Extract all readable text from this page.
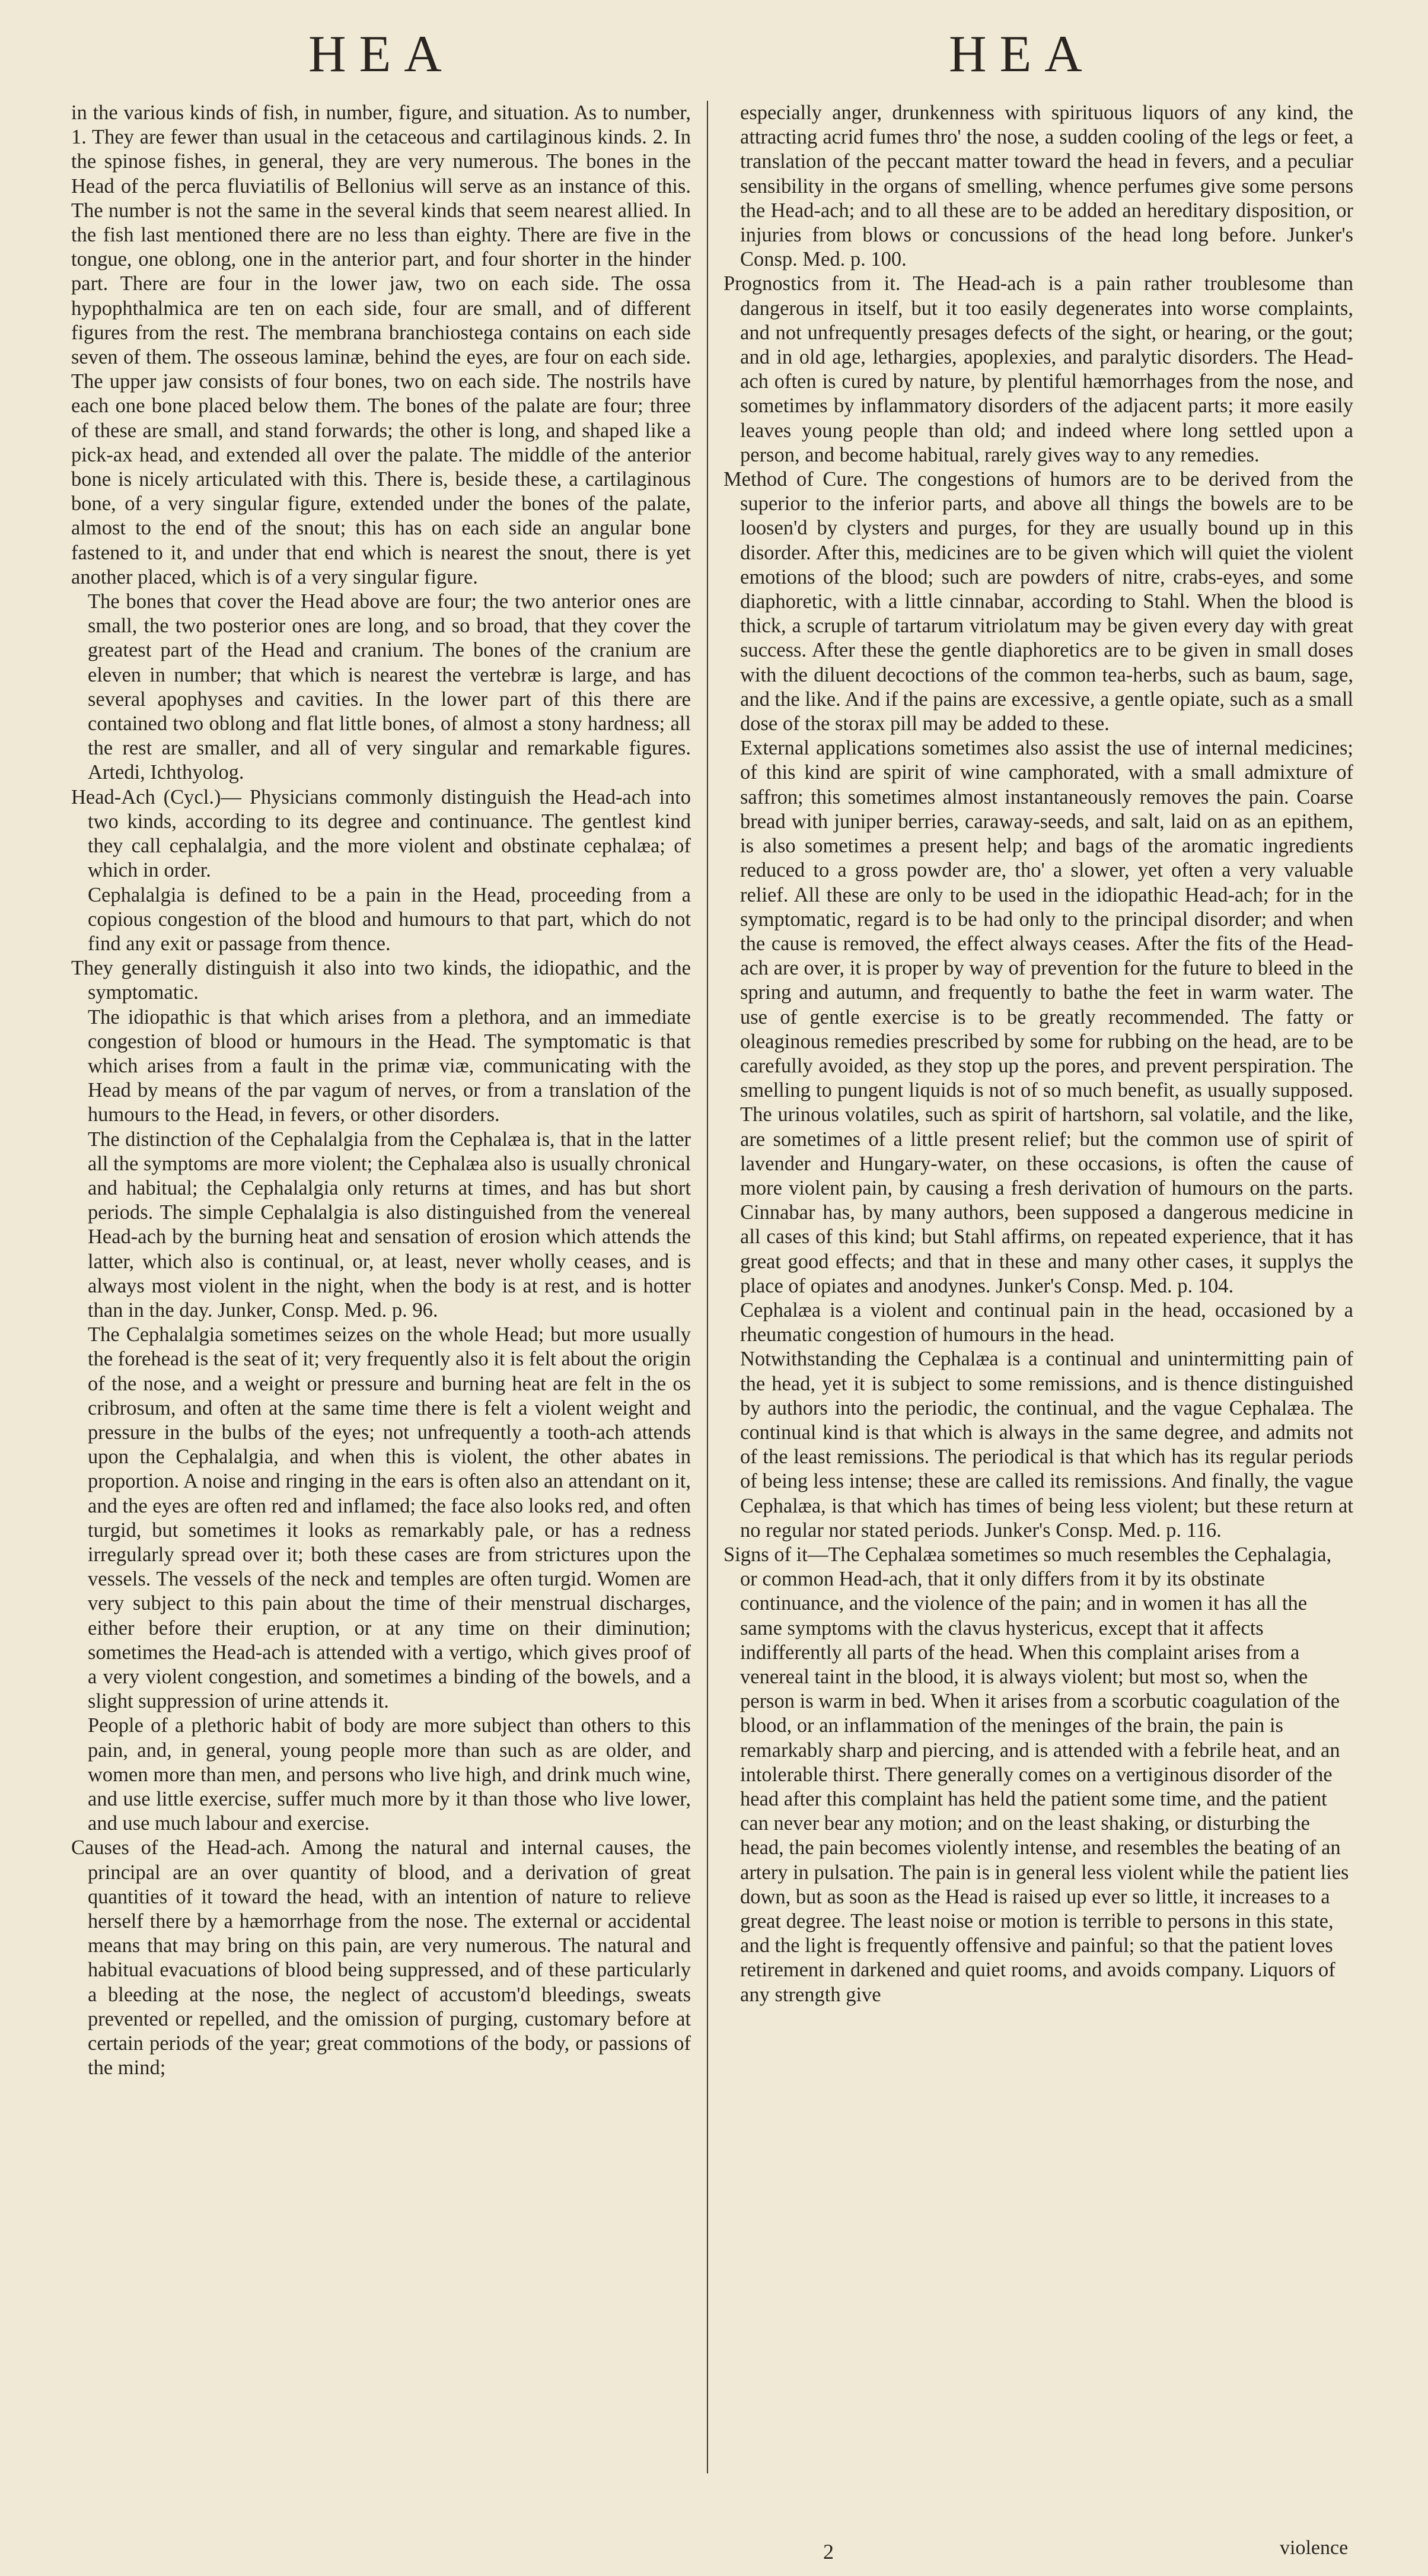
HEA	HEA

in the various kinds of fish, in number, figure, and situation. As to number, 1. They are fewer than usual in the cetaceous and cartilaginous kinds. 2. In the spinose fishes, in general, they are very numerous. The bones in the Head of the perca fluviatilis of Bellonius will serve as an instance of this. The number is not the same in the several kinds that seem nearest allied. In the fish last mentioned there are no less than eighty. There are five in the tongue, one oblong, one in the anterior part, and four shorter in the hinder part. There are four in the lower jaw, two on each side. The ossa hypophthalmica are ten on each side, four are small, and of different figures from the rest. The membrana branchiostega contains on each side seven of them. The osseous laminæ, behind the eyes, are four on each side. The upper jaw consists of four bones, two on each side. The nostrils have each one bone placed below them. The bones of the palate are four; three of these are small, and stand forwards; the other is long, and shaped like a pick-ax head, and extended all over the palate. The middle of the anterior bone is nicely articulated with this. There is, beside these, a cartilaginous bone, of a very singular figure, extended under the bones of the palate, almost to the end of the snout; this has on each side an angular bone fastened to it, and under that end which is nearest the snout, there is yet another placed, which is of a very singular figure.

The bones that cover the Head above are four; the two anterior ones are small, the two posterior ones are long, and so broad, that they cover the greatest part of the Head and cranium. The bones of the cranium are eleven in number; that which is nearest the vertebræ is large, and has several apophyses and cavities. In the lower part of this there are contained two oblong and flat little bones, of almost a stony hardness; all the rest are smaller, and all of very singular and remarkable figures. Artedi, Ichthyolog.

Head-Ach (Cycl.)— Physicians commonly distinguish the Head-ach into two kinds, according to its degree and continuance. The gentlest kind they call cephalalgia, and the more violent and obstinate cephalæa; of which in order.

Cephalalgia is defined to be a pain in the Head, proceeding from a copious congestion of the blood and humours to that part, which do not find any exit or passage from thence.

They generally distinguish it also into two kinds, the idiopathic, and the symptomatic.

The idiopathic is that which arises from a plethora, and an immediate congestion of blood or humours in the Head. The symptomatic is that which arises from a fault in the primæ viæ, communicating with the Head by means of the par vagum of nerves, or from a translation of the humours to the Head, in fevers, or other disorders.

The distinction of the Cephalalgia from the Cephalæa is, that in the latter all the symptoms are more violent; the Cephalæa also is usually chronical and habitual; the Cephalalgia only returns at times, and has but short periods. The simple Cephalalgia is also distinguished from the venereal Head-ach by the burning heat and sensation of erosion which attends the latter, which also is continual, or, at least, never wholly ceases, and is always most violent in the night, when the body is at rest, and is hotter than in the day. Junker, Consp. Med. p. 96.

The Cephalalgia sometimes seizes on the whole Head; but more usually the forehead is the seat of it; very frequently also it is felt about the origin of the nose, and a weight or pressure and burning heat are felt in the os cribrosum, and often at the same time there is felt a violent weight and pressure in the bulbs of the eyes; not unfrequently a tooth-ach attends upon the Cephalalgia, and when this is violent, the other abates in proportion. A noise and ringing in the ears is often also an attendant on it, and the eyes are often red and inflamed; the face also looks red, and often turgid, but sometimes it looks as remarkably pale, or has a redness irregularly spread over it; both these cases are from strictures upon the vessels. The vessels of the neck and temples are often turgid. Women are very subject to this pain about the time of their menstrual discharges, either before their eruption, or at any time on their diminution; sometimes the Head-ach is attended with a vertigo, which gives proof of a very violent congestion, and sometimes a binding of the bowels, and a slight suppression of urine attends it.

People of a plethoric habit of body are more subject than others to this pain, and, in general, young people more than such as are older, and women more than men, and persons who live high, and drink much wine, and use little exercise, suffer much more by it than those who live lower, and use much labour and exercise.

Causes of the Head-ach. Among the natural and internal causes, the principal are an over quantity of blood, and a derivation of great quantities of it toward the head, with an intention of nature to relieve herself there by a hæmorrhage from the nose. The external or accidental means that may bring on this pain, are very numerous. The natural and habitual evacuations of blood being suppressed, and of these particularly a bleeding at the nose, the neglect of accustom'd bleedings, sweats prevented or repelled, and the omission of purging, customary before at certain periods of the year; great commotions of the body, or passions of the mind;

especially anger, drunkenness with spirituous liquors of any kind, the attracting acrid fumes thro' the nose, a sudden cooling of the legs or feet, a translation of the peccant matter toward the head in fevers, and a peculiar sensibility in the organs of smelling, whence perfumes give some persons the Head-ach; and to all these are to be added an hereditary disposition, or injuries from blows or concussions of the head long before. Junker's Consp. Med. p. 100.

Prognostics from it. The Head-ach is a pain rather troublesome than dangerous in itself, but it too easily degenerates into worse complaints, and not unfrequently presages defects of the sight, or hearing, or the gout; and in old age, lethargies, apoplexies, and paralytic disorders. The Head-ach often is cured by nature, by plentiful hæmorrhages from the nose, and sometimes by inflammatory disorders of the adjacent parts; it more easily leaves young people than old; and indeed where long settled upon a person, and become habitual, rarely gives way to any remedies.

Method of Cure. The congestions of humors are to be derived from the superior to the inferior parts, and above all things the bowels are to be loosen'd by clysters and purges, for they are usually bound up in this disorder. After this, medicines are to be given which will quiet the violent emotions of the blood; such are powders of nitre, crabs-eyes, and some diaphoretic, with a little cinnabar, according to Stahl. When the blood is thick, a scruple of tartarum vitriolatum may be given every day with great success. After these the gentle diaphoretics are to be given in small doses with the diluent decoctions of the common tea-herbs, such as baum, sage, and the like. And if the pains are excessive, a gentle opiate, such as a small dose of the storax pill may be added to these.

External applications sometimes also assist the use of internal medicines; of this kind are spirit of wine camphorated, with a small admixture of saffron; this sometimes almost instantaneously removes the pain. Coarse bread with juniper berries, caraway-seeds, and salt, laid on as an epithem, is also sometimes a present help; and bags of the aromatic ingredients reduced to a gross powder are, tho' a slower, yet often a very valuable relief. All these are only to be used in the idiopathic Head-ach; for in the symptomatic, regard is to be had only to the principal disorder; and when the cause is removed, the effect always ceases. After the fits of the Head-ach are over, it is proper by way of prevention for the future to bleed in the spring and autumn, and frequently to bathe the feet in warm water. The use of gentle exercise is to be greatly recommended. The fatty or oleaginous remedies prescribed by some for rubbing on the head, are to be carefully avoided, as they stop up the pores, and prevent perspiration. The smelling to pungent liquids is not of so much benefit, as usually supposed. The urinous volatiles, such as spirit of hartshorn, sal volatile, and the like, are sometimes of a little present relief; but the common use of spirit of lavender and Hungary-water, on these occasions, is often the cause of more violent pain, by causing a fresh derivation of humours on the parts. Cinnabar has, by many authors, been supposed a dangerous medicine in all cases of this kind; but Stahl affirms, on repeated experience, that it has great good effects; and that in these and many other cases, it supplys the place of opiates and anodynes. Junker's Consp. Med. p. 104.

Cephalæa is a violent and continual pain in the head, occasioned by a rheumatic congestion of humours in the head.

Notwithstanding the Cephalæa is a continual and unintermitting pain of the head, yet it is subject to some remissions, and is thence distinguished by authors into the periodic, the continual, and the vague Cephalæa. The continual kind is that which is always in the same degree, and admits not of the least remissions. The periodical is that which has its regular periods of being less intense; these are called its remissions. And finally, the vague Cephalæa, is that which has times of being less violent; but these return at no regular nor stated periods. Junker's Consp. Med. p. 116.

Signs of it—The Cephalæa sometimes so much resembles the Cephalagia, or common Head-ach, that it only differs from it by its obstinate continuance, and the violence of the pain; and in women it has all the same symptoms with the clavus hystericus, except that it affects indifferently all parts of the head. When this complaint arises from a venereal taint in the blood, it is always violent; but most so, when the person is warm in bed. When it arises from a scorbutic coagulation of the blood, or an inflammation of the meninges of the brain, the pain is remarkably sharp and piercing, and is attended with a febrile heat, and an intolerable thirst. There generally comes on a vertiginous disorder of the head after this complaint has held the patient some time, and the patient can never bear any motion; and on the least shaking, or disturbing the head, the pain becomes violently intense, and resembles the beating of an artery in pulsation. The pain is in general less violent while the patient lies down, but as soon as the Head is raised up ever so little, it increases to a great degree. The least noise or motion is terrible to persons in this state, and the light is frequently offensive and painful; so that the patient loves retirement in darkened and quiet rooms, and avoids company. Liquors of any strength give

2	violence
